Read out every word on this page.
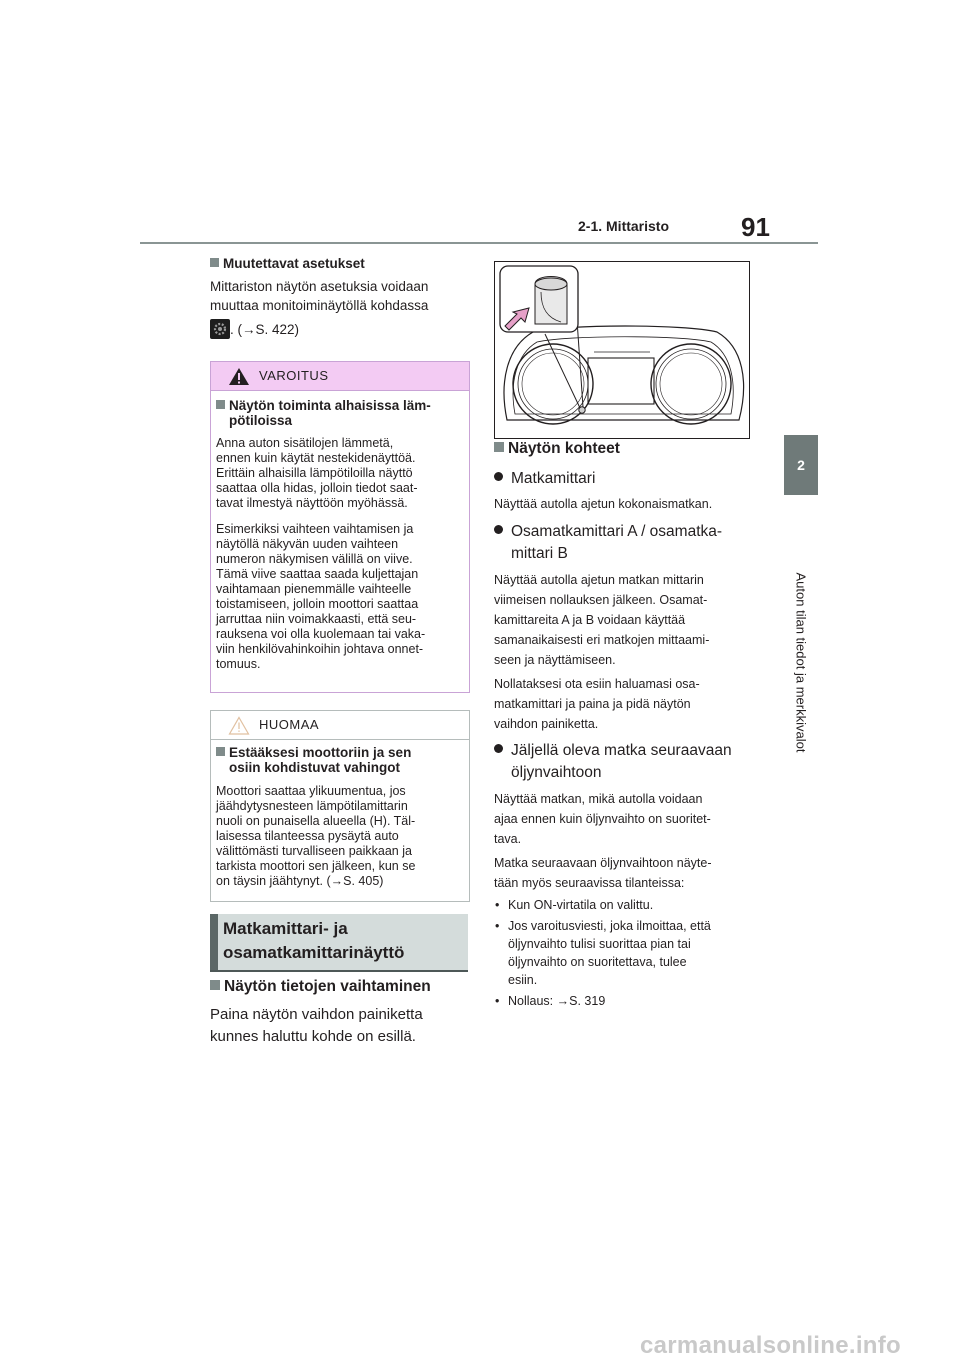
2-1. Mittaristo	91
2
Auton tilan tiedot ja merkkivalot
Muutettavat asetukset

Mittariston näytön asetuksia voidaan

muuttaa monitoiminäytöllä kohdassa

. (→S. 422)
VAROITUS
Näytön toiminta alhaisissa läm-
pötiloissa

Anna auton sisätilojen lämmetä,

ennen kuin käytät nestekidenäyttöä.

Erittäin alhaisilla lämpötiloilla näyttö

saattaa olla hidas, jolloin tiedot saat-

tavat ilmestyä näyttöön myöhässä.

Esimerkiksi vaihteen vaihtamisen ja

näytöllä näkyvän uuden vaihteen

numeron näkymisen välillä on viive.

Tämä viive saattaa saada kuljettajan

vaihtamaan pienemmälle vaihteelle

toistamiseen, jolloin moottori saattaa

jarruttaa niin voimakkaasti, että seu-

rauksena voi olla kuolemaan tai vaka-

viin henkilövahinkoihin johtava onnet-

tomuus.

HUOMAA
Estääksesi moottoriin ja sen
osiin kohdistuvat vahingot

Moottori saattaa ylikuumentua, jos

jäähdytysnesteen lämpötilamittarin

nuoli on punaisella alueella (H). Täl-

laisessa tilanteessa pysäytä auto

välittömästi turvalliseen paikkaan ja

tarkista moottori sen jälkeen, kun se

on täysin jäähtynyt. (→S. 405)

Matkamittari- ja
osamatkamittarinäyttö
Näytön tietojen vaihtaminen

Paina näytön vaihdon painiketta

kunnes haluttu kohde on esillä.

Näytön kohteet
Matkamittari

Näyttää autolla ajetun kokonaismatkan.

Osamatkamittari A / osamatka-
mittari B

Näyttää autolla ajetun matkan mittarin

viimeisen nollauksen jälkeen. Osamat-

kamittareita A ja B voidaan käyttää

samanaikaisesti eri matkojen mittaami-

seen ja näyttämiseen.

Nollataksesi ota esiin haluamasi osa-

matkamittari ja paina ja pidä näytön

vaihdon painiketta.

Jäljellä oleva matka seuraavaan
öljynvaihtoon

Näyttää matkan, mikä autolla voidaan

ajaa ennen kuin öljynvaihto on suoritet-

tava.

Matka seuraavaan öljynvaihtoon näyte-

tään myös seuraavissa tilanteissa:

• Kun ON-virtatila on valittu.
• Jos varoitusviesti, joka ilmoittaa, että
öljynvaihto tulisi suorittaa pian tai
öljynvaihto on suoritettava, tulee
esiin.
• Nollaus: →S. 319
carmanualsonline.info
